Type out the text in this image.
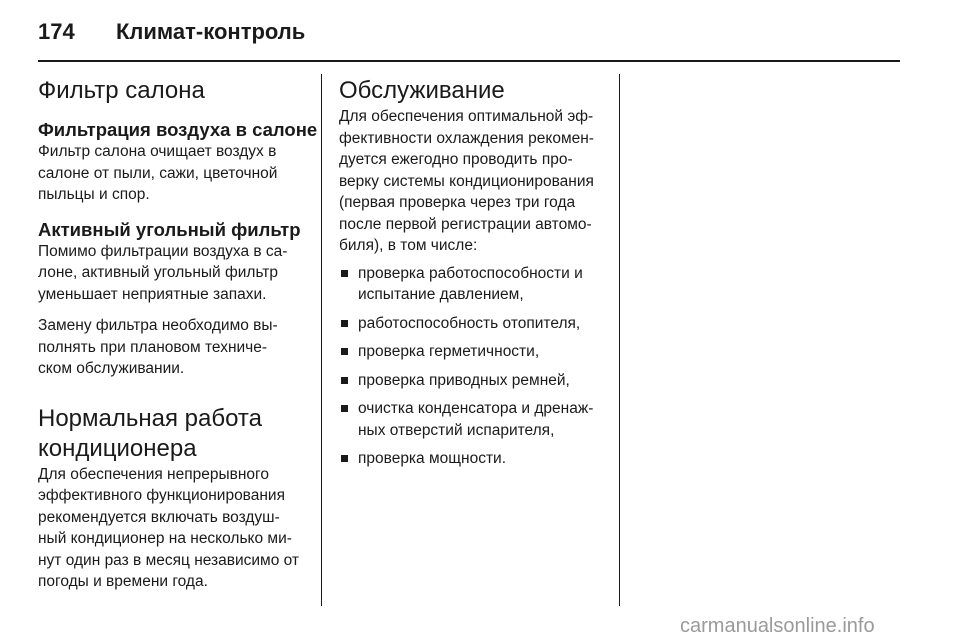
174 Климат-контроль
Фильтр салона
Фильтрация воздуха в салоне

Фильтр салона очищает воздух в
салоне от пыли, сажи, цветочной
пыльцы и спор.

Активный угольный фильтр

Помимо фильтрации воздуха в са-
лоне, активный угольный фильтр
уменьшает неприятные запахи.

Замену фильтра необходимо вы-
полнять при плановом техниче-
ском обслуживании.

Нормальная работа
кондиционера

Для обеспечения непрерывного
эффективного функционирования
рекомендуется включать воздуш-
ный кондиционер на несколько ми-
нут один раз в месяц независимо от
погоды и времени года.

Обслуживание

Для обеспечения оптимальной эф-
фективности охлаждения рекомен-
дуется ежегодно проводить про-
верку системы кондиционирования
(первая проверка через три года
после первой регистрации автомо-
биля), в том числе:

проверка работоспособности и
испытание давлением,
работоспособность отопителя,
проверка герметичности,
проверка приводных ремней,
очистка конденсатора и дренаж-
ных отверстий испарителя,
проверка мощности.
carmanualsonline.info
